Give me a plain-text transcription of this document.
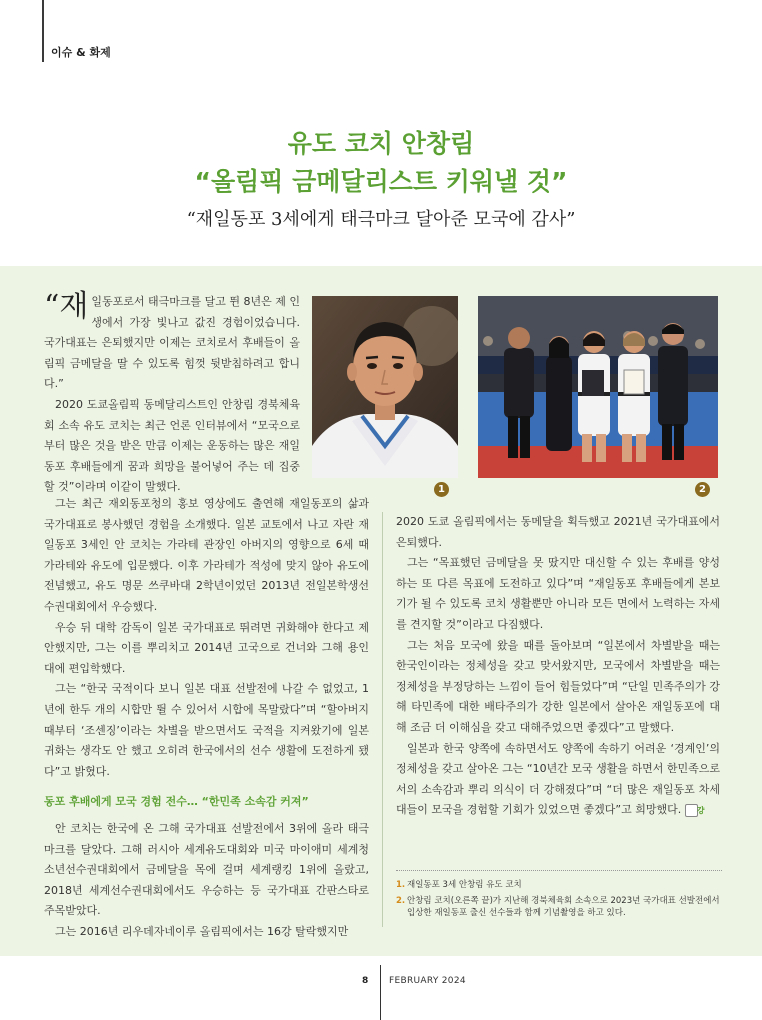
이슈 & 화제
유도 코치 안창림
“올림픽 금메달리스트 키워낼 것”
“재일동포 3세에게 태극마크 달아준 모국에 감사”

“재일동포로서 태극마크를 달고 뛴 8년은 제 인생에서 가장 빛나고 값진 경험이었습니다. 국가대표는 은퇴했지만 이제는 코치로서 후배들이 올림픽 금메달을 딸 수 있도록 힘껏 뒷받침하려고 합니다.”

2020 도쿄올림픽 동메달리스트인 안창림 경북체육회 소속 유도 코치는 최근 언론 인터뷰에서 “모국으로부터 많은 것을 받은 만큼 이제는 운동하는 많은 재일동포 후배들에게 꿈과 희망을 불어넣어 주는 데 집중할 것”이라며 이같이 말했다.

그는 최근 재외동포청의 홍보 영상에도 출연해 재일동포의 삶과 국가대표로 봉사했던 경험을 소개했다. 일본 교토에서 나고 자란 재일동포 3세인 안 코치는 가라테 관장인 아버지의 영향으로 6세 때 가라테와 유도에 입문했다. 이후 가라테가 적성에 맞지 않아 유도에 전념했고, 유도 명문 쓰쿠바대 2학년이었던 2013년 전일본학생선수권대회에서 우승했다.

우승 뒤 대학 감독이 일본 국가대표로 뛰려면 귀화해야 한다고 제안했지만, 그는 이를 뿌리치고 2014년 고국으로 건너와 그해 용인대에 편입학했다.

그는 “한국 국적이다 보니 일본 대표 선발전에 나갈 수 없었고, 1년에 한두 개의 시합만 뛸 수 있어서 시합에 목말랐다”며 “할아버지 때부터 ‘조센징’이라는 차별을 받으면서도 국적을 지켜왔기에 일본 귀화는 생각도 안 했고 오히려 한국에서의 선수 생활에 도전하게 됐다”고 밝혔다.

동포 후배에게 모국 경험 전수… “한민족 소속감 커져”

안 코치는 한국에 온 그해 국가대표 선발전에서 3위에 올라 태극마크를 달았다. 그해 러시아 세계유도대회와 미국 마이애미 세계청소년선수권대회에서 금메달을 목에 걸며 세계랭킹 1위에 올랐고, 2018년 세계선수권대회에서도 우승하는 등 국가대표 간판스타로 주목받았다.

그는 2016년 리우데자네이루 올림픽에서는 16강 탈락했지만

2020 도쿄 올림픽에서는 동메달을 획득했고 2021년 국가대표에서 은퇴했다.

그는 “목표했던 금메달을 못 땄지만 대신할 수 있는 후배를 양성하는 또 다른 목표에 도전하고 있다”며 “재일동포 후배들에게 본보기가 될 수 있도록 코치 생활뿐만 아니라 모든 면에서 노력하는 자세를 견지할 것”이라고 다짐했다.

그는 처음 모국에 왔을 때를 돌아보며 “일본에서 차별받을 때는 한국인이라는 정체성을 갖고 맞서왔지만, 모국에서 차별받을 때는 정체성을 부정당하는 느낌이 들어 힘들었다”며 “단일 민족주의가 강해 타민족에 대한 배타주의가 강한 일본에서 살아온 재일동포에 대해 조금 더 이해심을 갖고 대해주었으면 좋겠다”고 말했다.

일본과 한국 양쪽에 속하면서도 양쪽에 속하기 어려운 ‘경계인’의 정체성을 갖고 살아온 그는 “10년간 모국 생활을 하면서 한민족으로서의 소속감과 뿌리 의식이 더 강해졌다”며 “더 많은 재일동포 차세대들이 모국을 경험할 기회가 있었으면 좋겠다”고 희망했다. 걍

1	2
1. 재일동포 3세 안창림 유도 코치
2. 안창림 코치(오른쪽 끝)가 지난해 경북체육회 소속으로 2023년 국가대표 선발전에서 입상한 재일동포 출신 선수들과 함께 기념촬영을 하고 있다.
8 FEBRUARY 2024
